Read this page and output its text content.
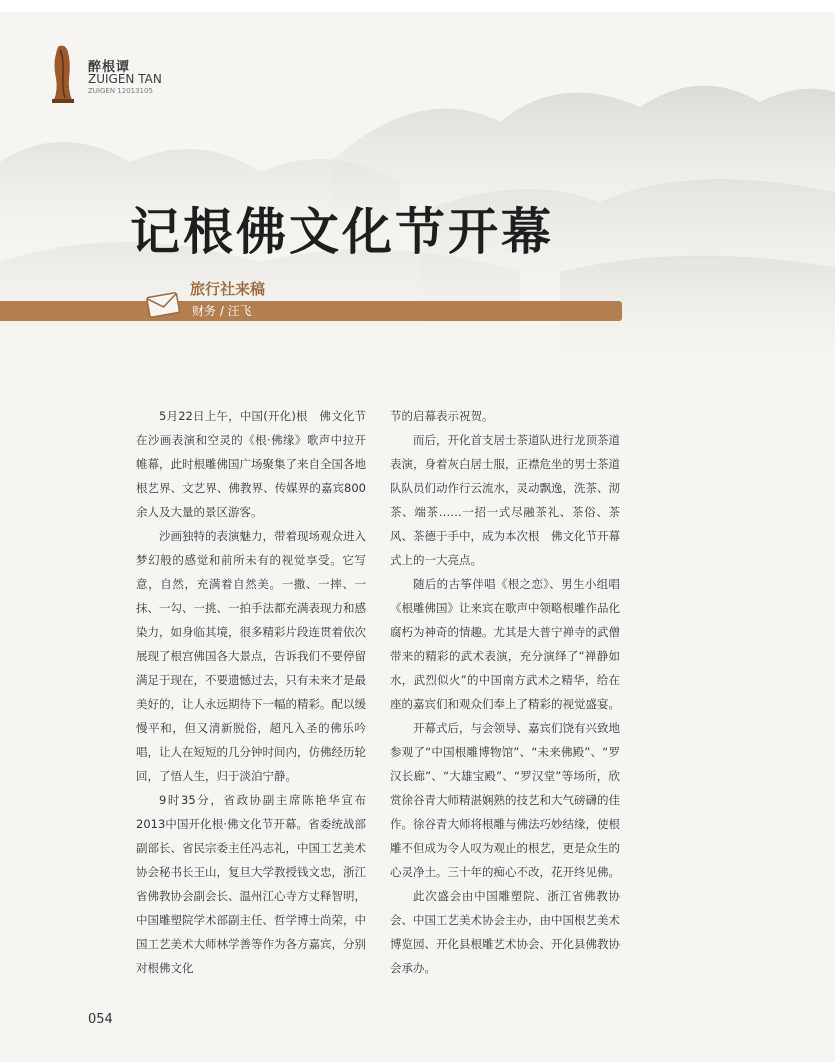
醉根谭
ZUIGEN TAN
ZUIGEN 12013105
记根佛文化节开幕
旅行社来稿
财务 / 汪飞

5月22日上午，中国(开化)根　佛文化节在沙画表演和空灵的《根·佛缘》歌声中拉开帷幕，此时根雕佛国广场聚集了来自全国各地根艺界、文艺界、佛教界、传媒界的嘉宾800余人及大量的景区游客。

沙画独特的表演魅力，带着现场观众进入梦幻般的感觉和前所未有的视觉享受。它写意，自然，充满着自然美。一撒、一摔、一抹、一勾、一挑、一拍手法都充满表现力和感染力，如身临其境，很多精彩片段连贯着依次展现了根宫佛国各大景点，告诉我们不要停留满足于现在，不要遗憾过去，只有未来才是最美好的，让人永远期待下一幅的精彩。配以缓慢平和，但又清新脱俗，超凡入圣的佛乐吟唱，让人在短短的几分钟时间内，仿佛经历轮回，了悟人生，归于淡泊宁静。

9时35分，省政协副主席陈艳华宣布2013中国开化根·佛文化节开幕。省委统战部副部长、省民宗委主任冯志礼，中国工艺美术协会秘书长王山，复旦大学教授钱文忠，浙江省佛教协会副会长、温州江心寺方丈释智明，中国雕塑院学术部副主任、哲学博士尚荣，中国工艺美术大师林学善等作为各方嘉宾，分别对根佛文化

节的启幕表示祝贺。

而后，开化首支居士茶道队进行龙顶茶道表演，身着灰白居士服，正襟危坐的男士茶道队队员们动作行云流水，灵动飘逸，洗茶、沏茶、端茶……一招一式尽融茶礼、茶俗、茶风、茶德于手中，成为本次根　佛文化节开幕式上的一大亮点。

随后的古筝伴唱《根之恋》、男生小组唱《根雕佛国》让来宾在歌声中领略根雕作品化腐朽为神奇的情趣。尤其是大普宁禅寺的武僧带来的精彩的武术表演，充分演绎了“禅静如水，武烈似火”的中国南方武术之精华，给在座的嘉宾们和观众们奉上了精彩的视觉盛宴。

开幕式后，与会领导、嘉宾们饶有兴致地参观了“中国根雕博物馆”、“未来佛殿”、“罗汉长廊”、“大雄宝殿”、“罗汉堂”等场所，欣赏徐谷青大师精湛娴熟的技艺和大气磅礴的佳作。徐谷青大师将根雕与佛法巧妙结缘，使根雕不但成为令人叹为观止的根艺，更是众生的心灵净土。三十年的痴心不改，花开终见佛。

此次盛会由中国雕塑院、浙江省佛教协会、中国工艺美术协会主办，由中国根艺美术博览园、开化县根雕艺术协会、开化县佛教协会承办。

054
